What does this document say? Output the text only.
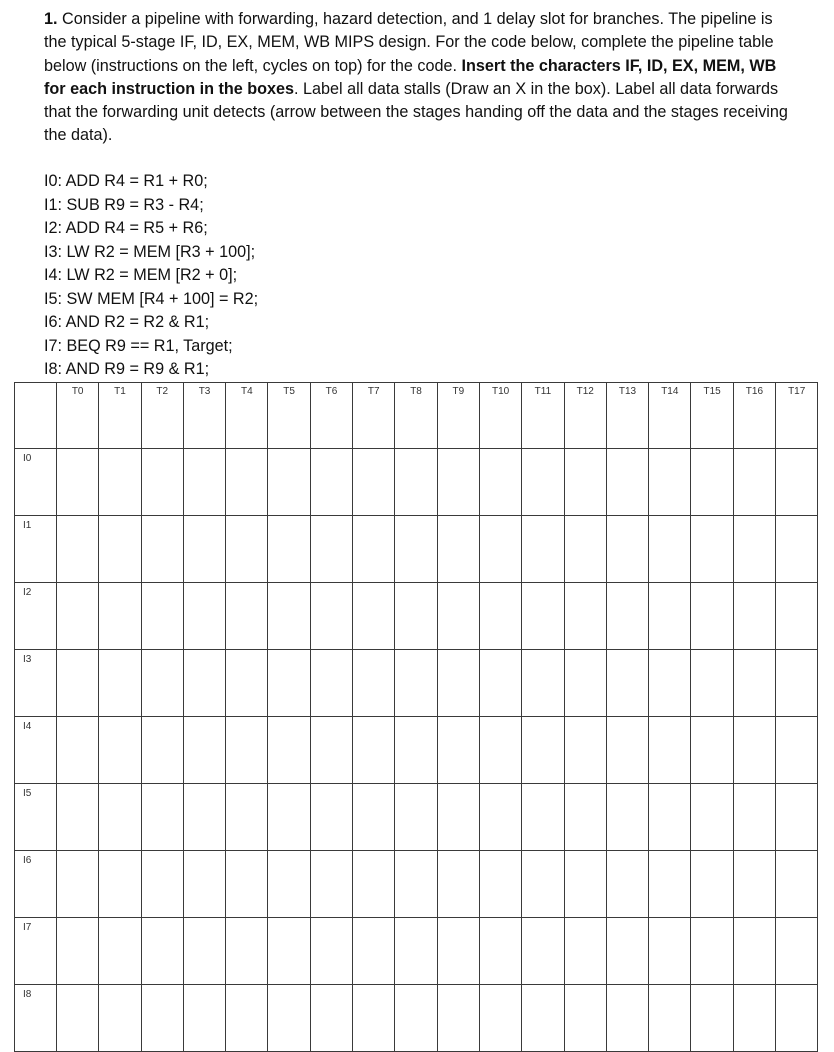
1. Consider a pipeline with forwarding, hazard detection, and 1 delay slot for branches. The pipeline is the typical 5-stage IF, ID, EX, MEM, WB MIPS design. For the code below, complete the pipeline table below (instructions on the left, cycles on top) for the code. Insert the characters IF, ID, EX, MEM, WB for each instruction in the boxes. Label all data stalls (Draw an X in the box). Label all data forwards that the forwarding unit detects (arrow between the stages handing off the data and the stages receiving the data).

I0: ADD R4 = R1 + R0;
I1: SUB R9 = R3 - R4;
I2: ADD R4 = R5 + R6;
I3: LW R2 = MEM [R3 + 100];
I4: LW R2 = MEM [R2 + 0];
I5: SW MEM [R4 + 100] = R2;
I6: AND R2 = R2 & R1;
I7: BEQ R9 == R1, Target;
I8: AND R9 = R9 & R1;
	T0	T1	T2	T3	T4	T5	T6	T7	T8	T9	T10	T11	T12	T13	T14	T15	T16	T17
I0																		
I1																		
I2																		
I3																		
I4																		
I5																		
I6																		
I7																		
I8																		
